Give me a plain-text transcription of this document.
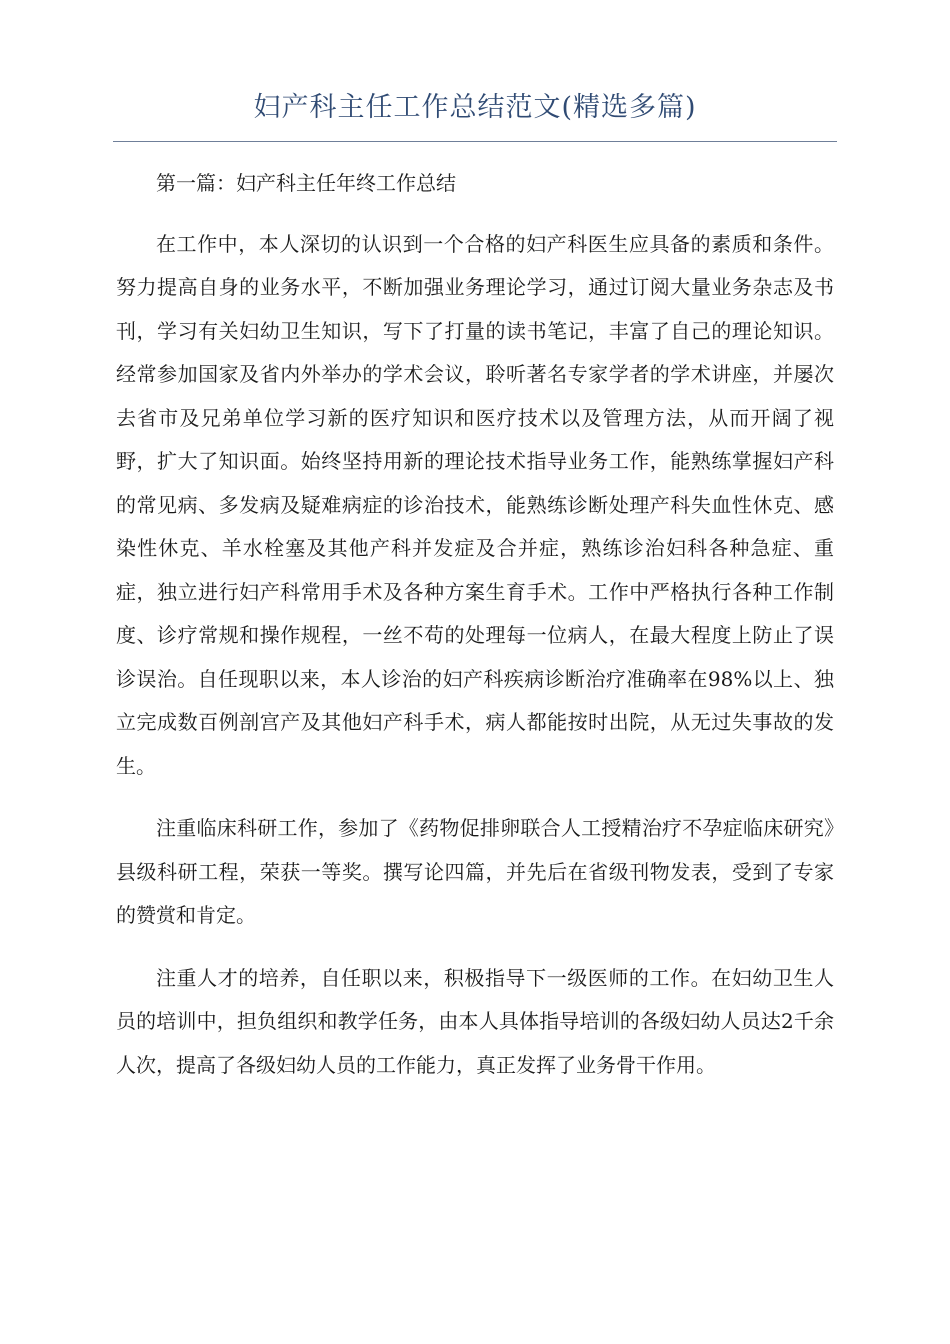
妇产科主任工作总结范文(精选多篇)

第一篇：妇产科主任年终工作总结

在工作中，本人深切的认识到一个合格的妇产科医生应具备的素质和条件。努力提高自身的业务水平，不断加强业务理论学习，通过订阅大量业务杂志及书刊，学习有关妇幼卫生知识，写下了打量的读书笔记，丰富了自己的理论知识。经常参加国家及省内外举办的学术会议，聆听著名专家学者的学术讲座，并屡次去省市及兄弟单位学习新的医疗知识和医疗技术以及管理方法，从而开阔了视野，扩大了知识面。始终坚持用新的理论技术指导业务工作，能熟练掌握妇产科的常见病、多发病及疑难病症的诊治技术，能熟练诊断处理产科失血性休克、感染性休克、羊水栓塞及其他产科并发症及合并症，熟练诊治妇科各种急症、重症，独立进行妇产科常用手术及各种方案生育手术。工作中严格执行各种工作制度、诊疗常规和操作规程，一丝不苟的处理每一位病人，在最大程度上防止了误诊误治。自任现职以来，本人诊治的妇产科疾病诊断治疗准确率在98%以上、独立完成数百例剖宫产及其他妇产科手术，病人都能按时出院，从无过失事故的发生。

注重临床科研工作，参加了《药物促排卵联合人工授精治疗不孕症临床研究》县级科研工程，荣获一等奖。撰写论四篇，并先后在省级刊物发表，受到了专家的赞赏和肯定。

注重人才的培养，自任职以来，积极指导下一级医师的工作。在妇幼卫生人员的培训中，担负组织和教学任务，由本人具体指导培训的各级妇幼人员达2千余人次，提高了各级妇幼人员的工作能力，真正发挥了业务骨干作用。
